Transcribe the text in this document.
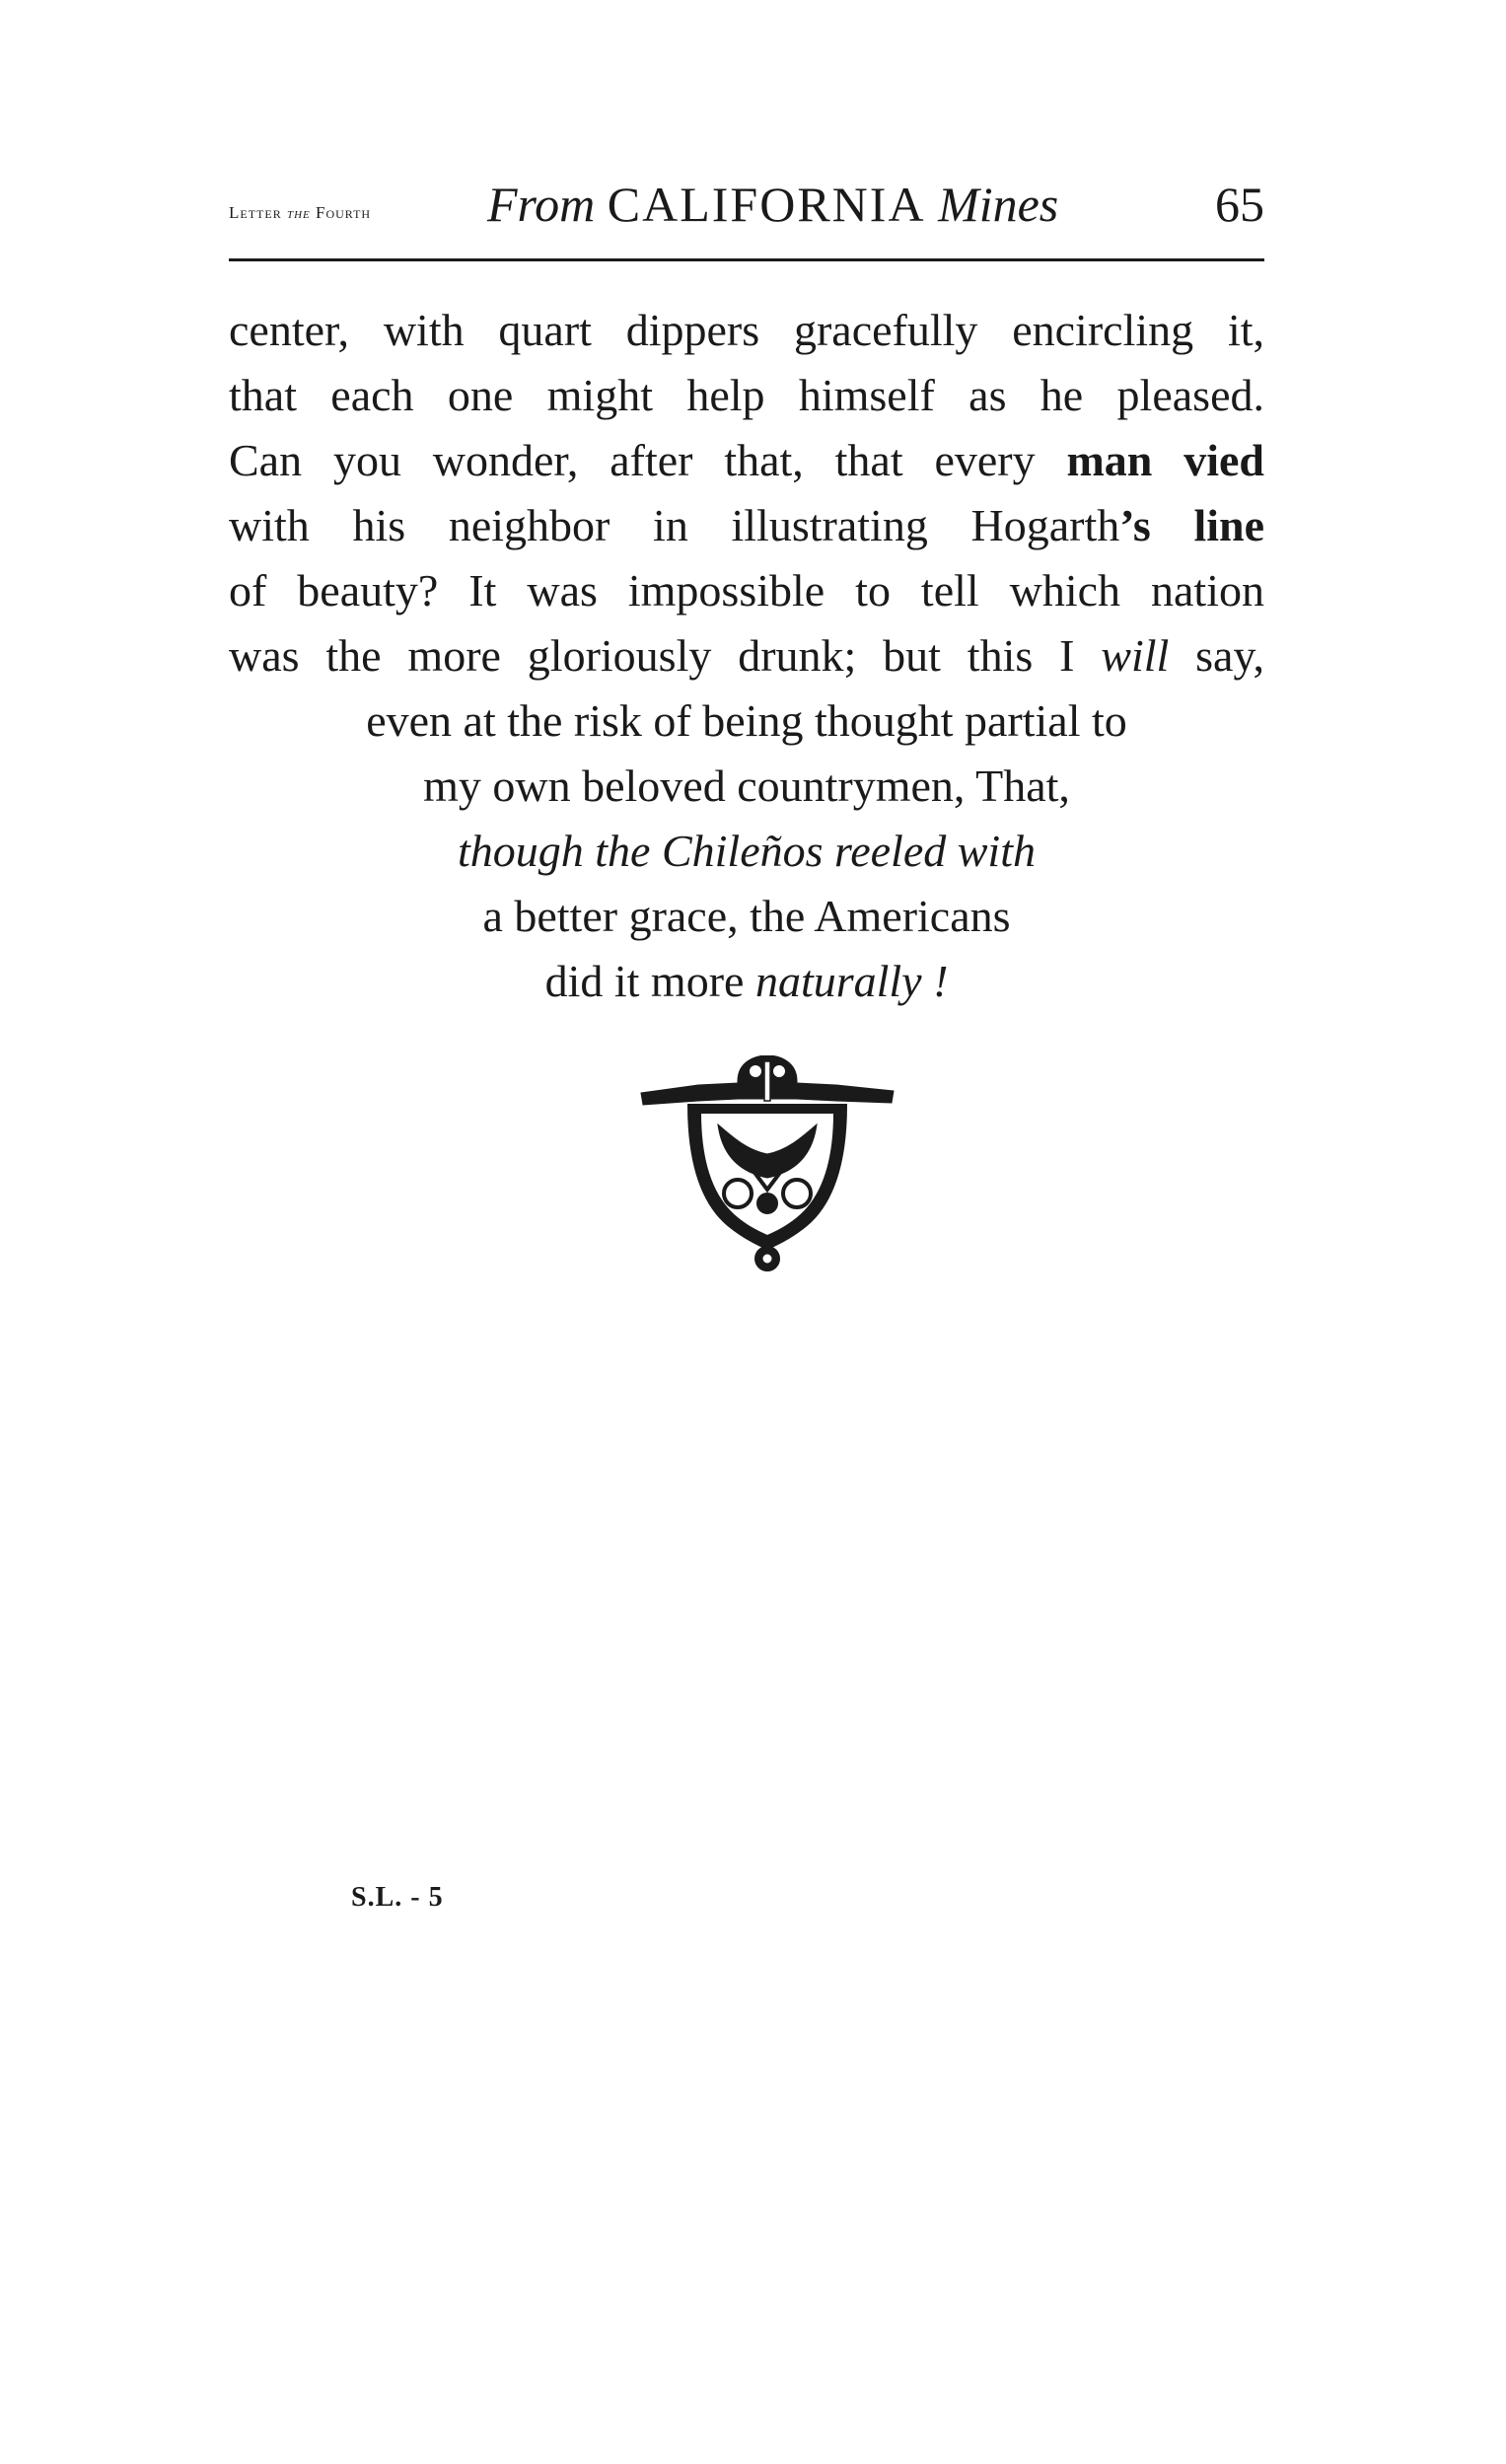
Letter the Fourth From CALIFORNIA Mines	65
center, with quart dippers gracefully encircling it,
that each one might help himself as he pleased.
Can you wonder, after that, that every man vied
with his neighbor in illustrating Hogarth’s line
of beauty? It was impossible to tell which nation
was the more gloriously drunk; but this I will say,
even at the risk of being thought partial to
my own beloved countrymen, That,
though the Chileños reeled with
a better grace, the Americans
did it more naturally !
S.L. - 5
